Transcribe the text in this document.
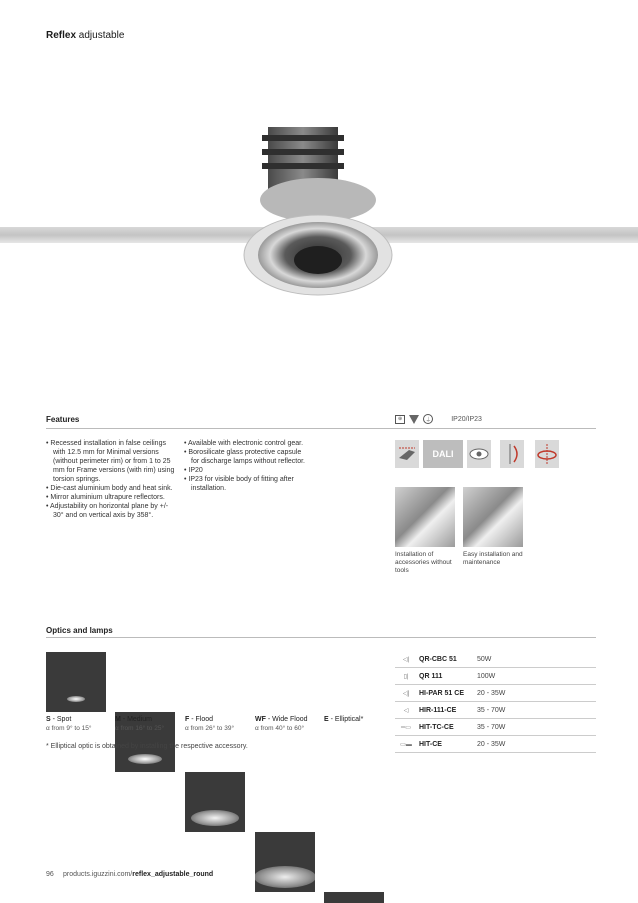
Reflex adjustable
Features	⊕	⏚	IP20/IP23
• Recessed installation in false ceilings with 12.5 mm for Minimal versions (without perimeter rim) or from 1 to 25 mm for Frame versions (with rim) using torsion springs.
• Die-cast aluminium body and heat sink.
• Mirror aluminium ultrapure reflectors.
• Adjustability on horizontal plane by +/- 30° and on vertical axis by 358°.
• Available with electronic control gear.
• Borosilicate glass protective capsule for discharge lamps without reflector.
• IP20
• IP23 for visible body of fitting after installation.
DALI
Installation of accessories without tools
Easy installation and maintenance
Optics and lamps
S - Spot
α from 9° to 15°
M - Medium
α from 16° to 25°
F - Flood
α from 26° to 39°
WF - Wide Flood
α from 40° to 60°
E - Elliptical*
* Elliptical optic is obtained by installing the respective accessory.
◁|	QR-CBC 51	50W
▯|	QR 111	100W
◁]	HI-PAR 51 CE	20 - 35W
◁	HIR-111-CE	35 - 70W
═▭	HIT-TC-CE	35 - 70W
▭▬	HIT-CE	20 - 35W
96 products.iguzzini.com/reflex_adjustable_round
